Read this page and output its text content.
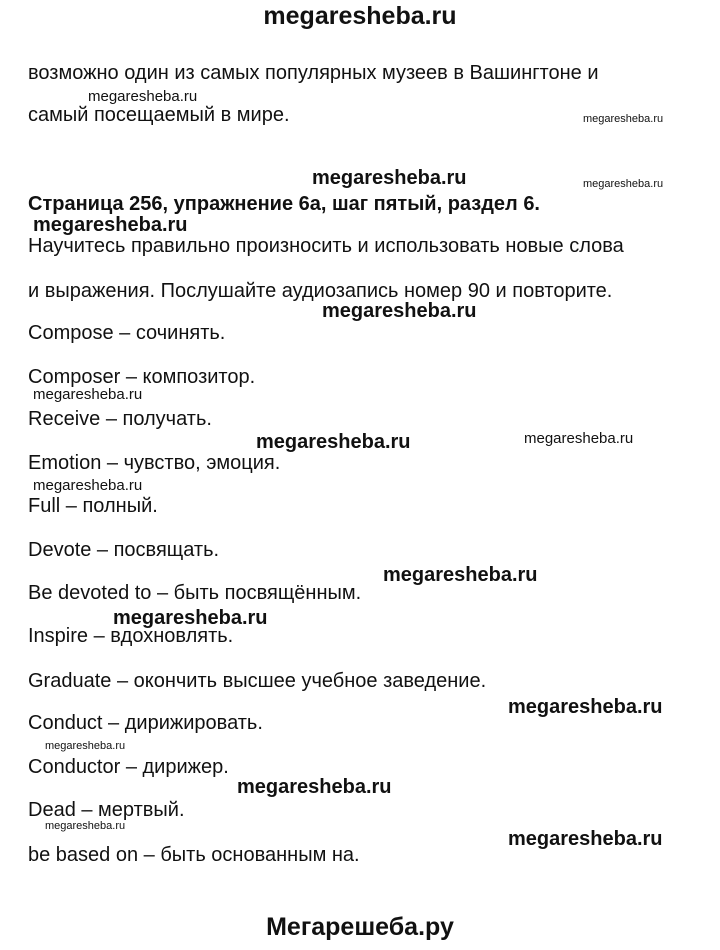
megaresheba.ru
возможно один из самых популярных музеев в Вашингтоне и
самый посещаемый в мире.
Страница 256, упражнение 6a, шаг пятый, раздел 6.
Научитесь правильно произносить и использовать новые слова
и выражения. Послушайте аудиозапись номер 90 и повторите.
Compose – сочинять.
Composer – композитор.
Receive – получать.
Emotion – чувство, эмоция.
Full – полный.
Devote – посвящать.
Be devoted to – быть посвящённым.
Inspire – вдохновлять.
Graduate – окончить высшее учебное заведение.
Conduct – дирижировать.
Conductor – дирижер.
Dead – мертвый.
be based on – быть основанным на.
megaresheba.ru
megaresheba.ru
megaresheba.ru	megaresheba.ru
megaresheba.ru
megaresheba.ru
megaresheba.ru
megaresheba.ru	megaresheba.ru
megaresheba.ru
megaresheba.ru
megaresheba.ru
megaresheba.ru
megaresheba.ru
megaresheba.ru
megaresheba.ru
megaresheba.ru
Мегарешеба.ру
